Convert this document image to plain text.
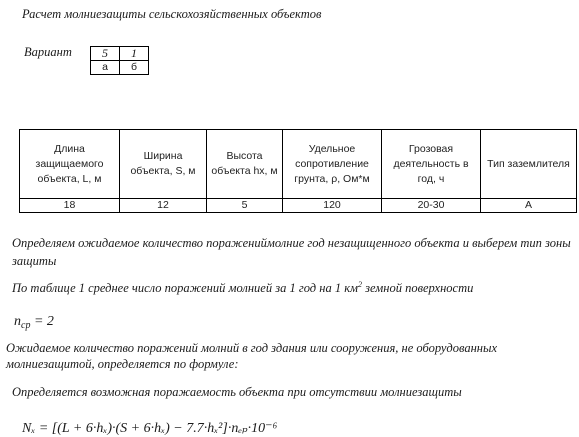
Расчет молниезащиты сельскохозяйственных объектов
Вариант	5	1
а	б
Длина защищаемого объекта, L, м	Ширина объекта, S, м	Высота объекта hх, м	Удельное сопротивление грунта, ρ, Ом*м	Грозовая деятельность в год, ч	Тип заземлителя
18	12	5	120	20-30	А
Определяем ожидаемое количество поражениймолние год незащищенного объекта и выберем тип зоны защиты
По таблице 1 среднее число поражений молнией за 1 год на 1 $км^2$ земной поверхности
$n_{ср} = 2$
Ожидаемое количество поражений молний в год здания или сооружения, не оборудованных молниезащитой, определяется по формуле:
Определяется возможная поражаемость объекта при отсутствии молниезащиты
Nₓ = [(L + 6·hₓ)·(S + 6·hₓ) − 7.7·hₓ²]·nₑₚ·10⁻⁶
